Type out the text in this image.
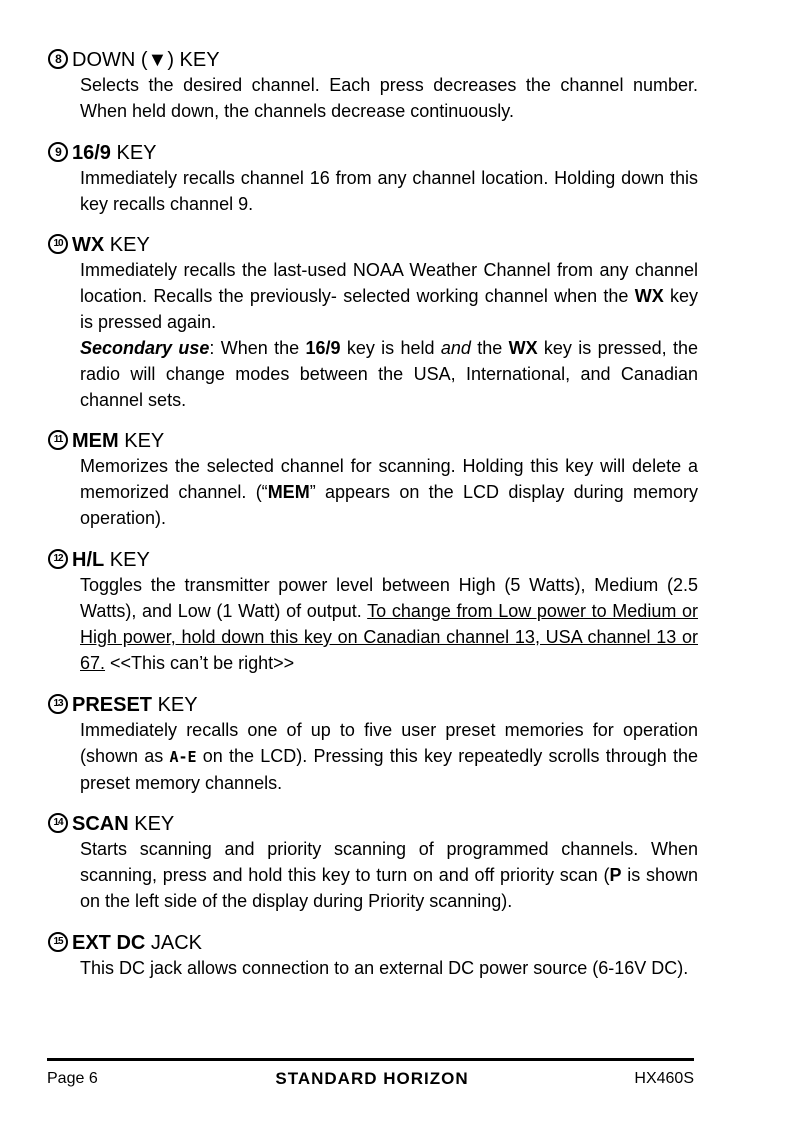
8 DOWN (▼) KEY

Selects the desired channel. Each press decreases the channel number. When held down, the channels decrease continuously.

9 16/9 KEY

Immediately recalls channel 16 from any channel location. Holding down this key recalls channel 9.

10 WX KEY

Immediately recalls the last-used NOAA Weather Channel from any channel location. Recalls the previously- selected working channel when the WX key is pressed again.

Secondary use: When the 16/9 key is held and the WX key is pressed, the radio will change modes between the USA, International, and Canadian channel sets.

11 MEM KEY

Memorizes the selected channel for scanning. Holding this key will delete a memorized channel. (“MEM” appears on the LCD display during memory operation).

12 H/L KEY

Toggles the transmitter power level between High (5 Watts), Medium (2.5 Watts), and Low (1 Watt) of output. To change from Low power to Medium or High power, hold down this key on Canadian channel 13, USA channel 13 or 67. <<This can’t be right>>

13 PRESET KEY

Immediately recalls one of up to five user preset memories for operation (shown as A-E on the LCD). Pressing this key repeatedly scrolls through the preset memory channels.

14 SCAN KEY

Starts scanning and priority scanning of programmed channels. When scanning, press and hold this key to turn on and off priority scan (P is shown on the left side of the display during Priority scanning).

15 EXT DC JACK

This DC jack allows connection to an external DC power source (6-16V DC).

Page 6	STANDARD HORIZON	HX460S
